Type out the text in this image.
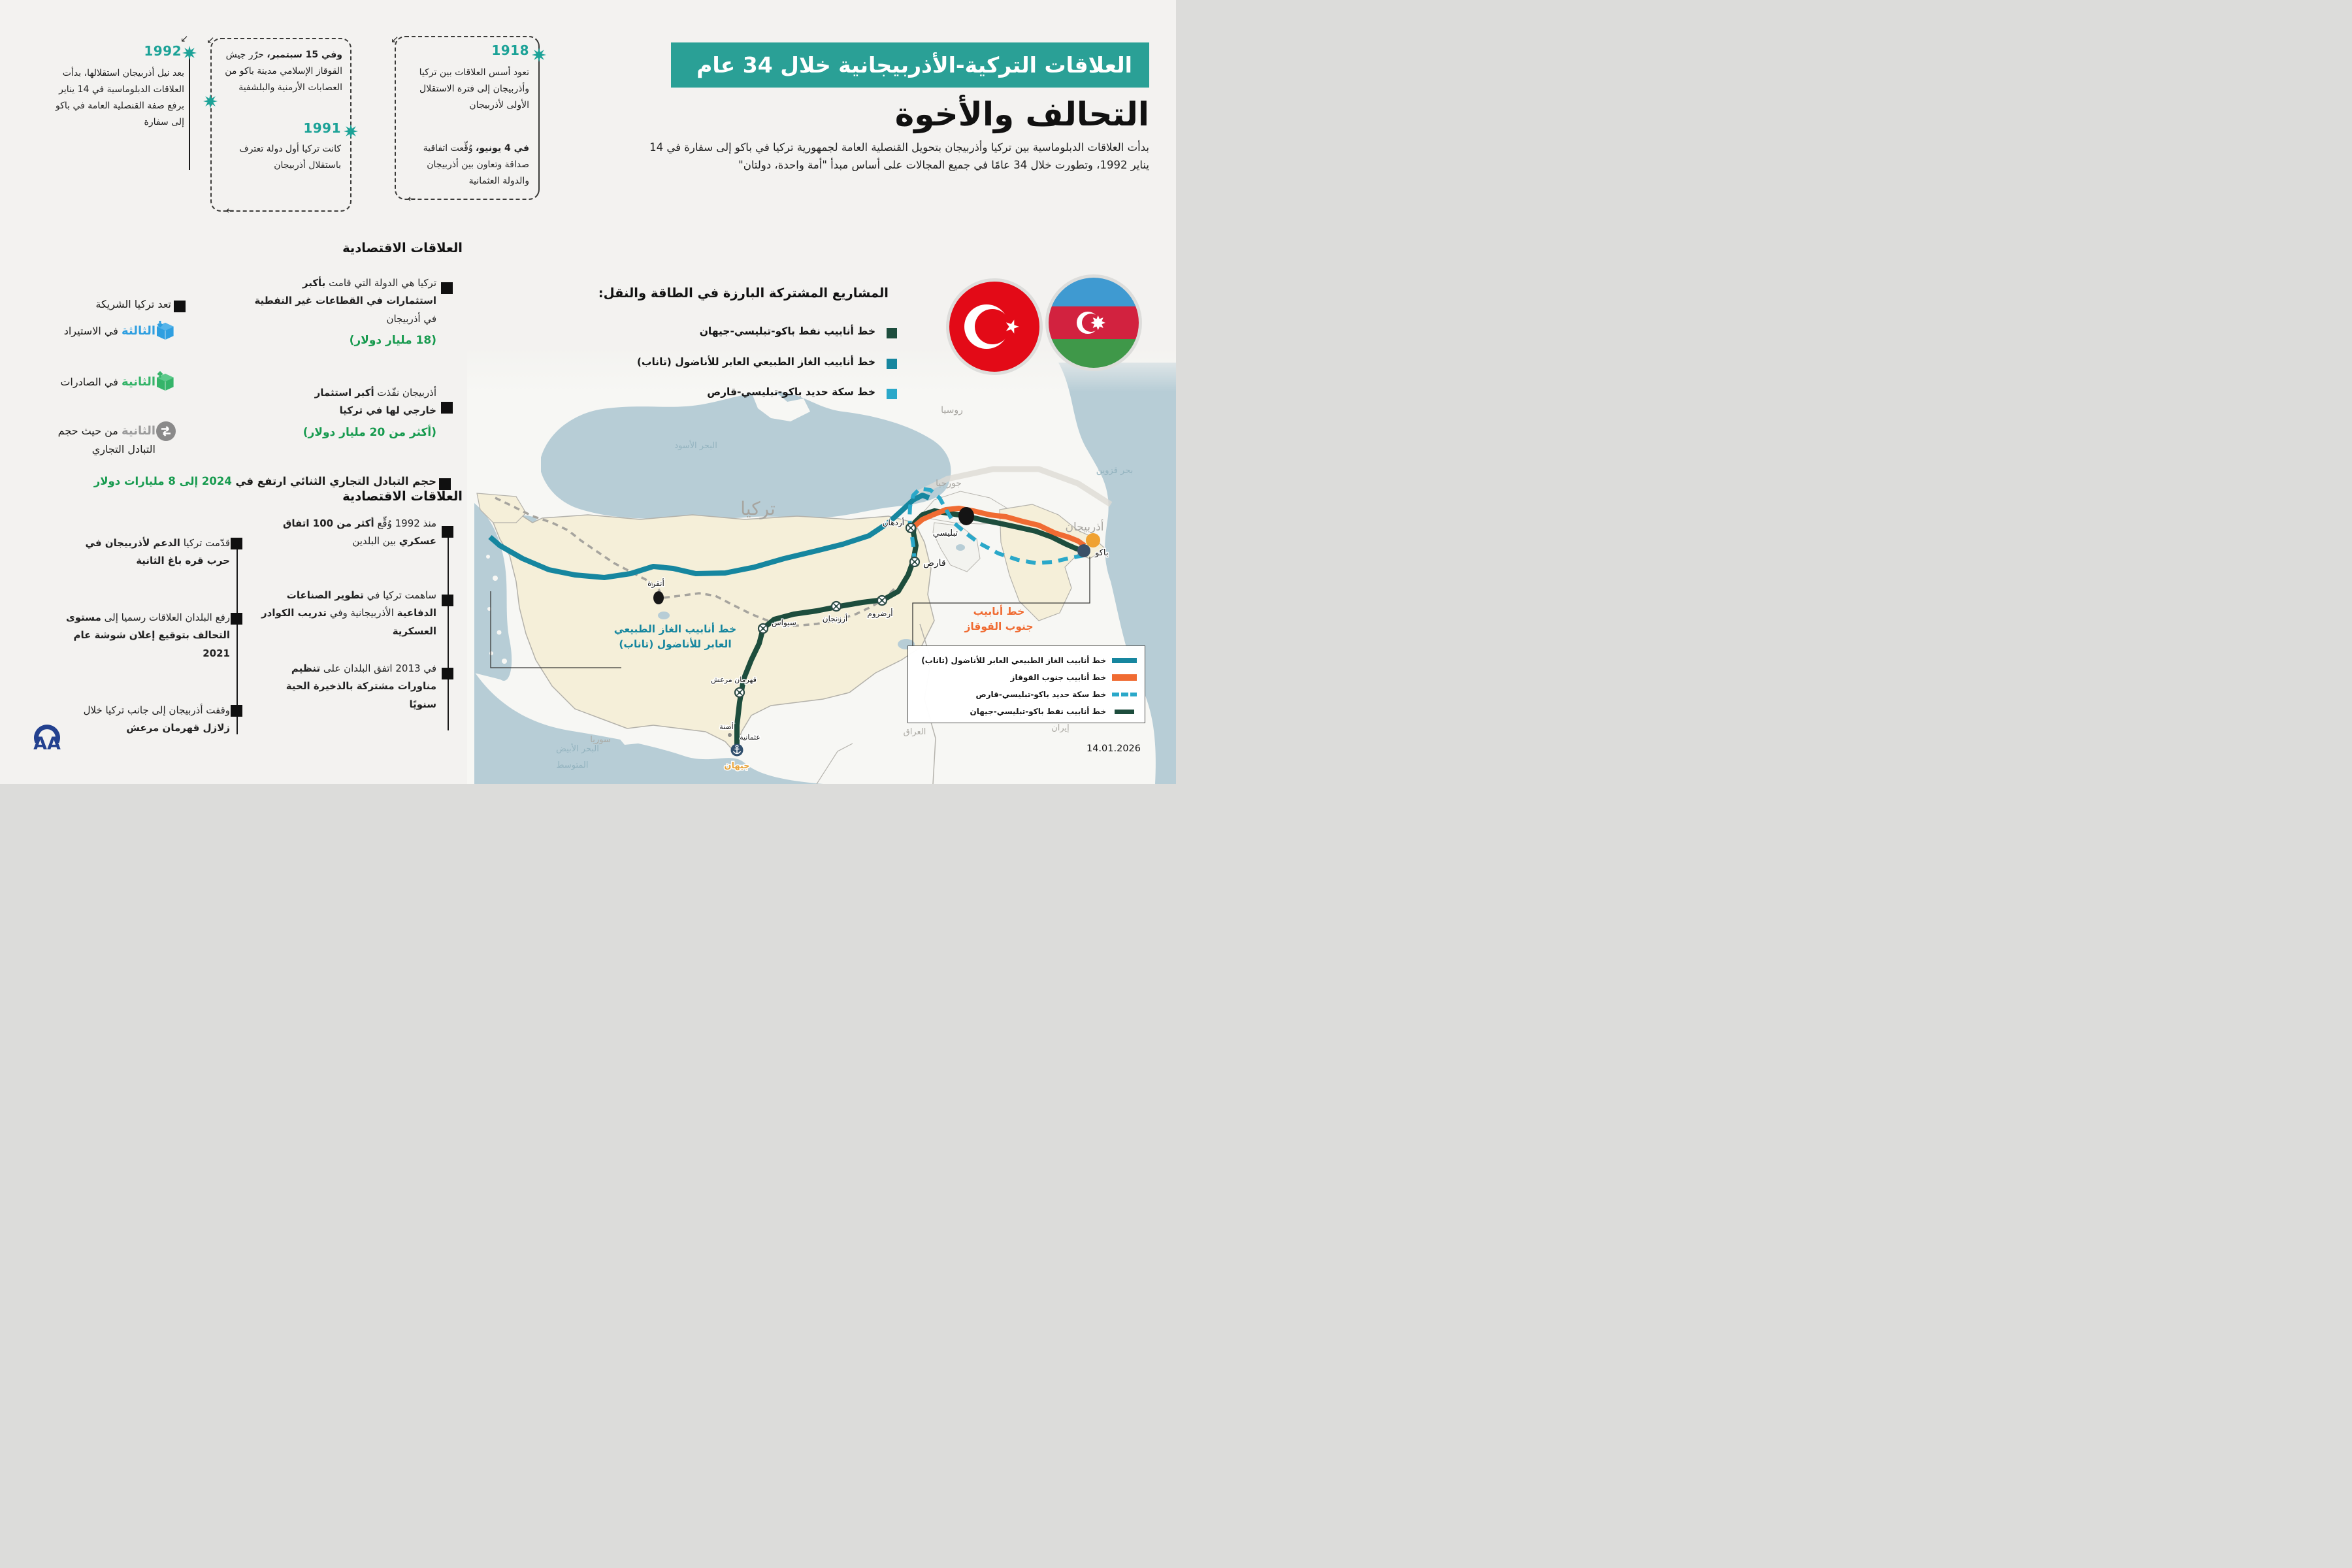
تركيا
جورجيا
أذربيجان
روسيا
سوريا
العراق	إيران
البحر الأسود
بحر قزوين
البحر الأبيض
المتوسط
أنقرة
سيواس	أرزنجان
أرضروم
قارص
أردهان
تبليسي
باكو
قهرمان مرعش
أضنة
عثمانية
جيهان
العلاقات التركية-الأذربيجانية خلال 34 عام
التحالف والأخوة
بدأت العلاقات الدبلوماسية بين تركيا وأذربيجان بتحويل القنصلية العامة لجمهورية تركيا في باكو إلى سفارة في 14 يناير 1992، وتطورت خلال 34 عامًا في جميع المجالات على أساس مبدأ "أمة واحدة، دولتان"
1918
تعود أسس العلاقات بين تركيا وأذربيجان إلى فترة الاستقلال الأولى لأذربيجان
في 4 يونيو، وُقِّعت اتفاقية صداقة وتعاون بين أذربيجان والدولة العثمانية
←
↙
وفي 15 سبتمبر، حرّر جيش القوقاز الإسلامي مدينة باكو من العصابات الأرمنية والبلشفية
1991
كانت تركيا أول دولة تعترف باستقلال أذربيجان
←
↙
1992
بعد نيل أذربيجان استقلالها، بدأت العلاقات الدبلوماسية في 14 يناير برفع صفة القنصلية العامة في باكو إلى سفارة
↙
العلاقات الاقتصادية
تركيا هي الدولة التي قامت بأكبر استثمارات في القطاعات غير النفطية في أذربيجان
(18 مليار دولار)
أذربيجان نفّذت أكبر استثمار خارجي لها في تركيا
(أكثر من 20 مليار دولار)
حجم التبادل التجاري الثنائي ارتفع في 2024 إلى 8 مليارات دولار
تعد تركيا الشريكة
الثالثة في الاستيراد
الثانية في الصادرات
الثانية من حيث حجم التبادل التجاري
العلاقات الاقتصادية
منذ 1992 وُقِّع أكثر من 100 اتفاق عسكري بين البلدين
ساهمت تركيا في تطوير الصناعات الدفاعية الأذربيجانية وفي تدريب الكوادر العسكرية
في 2013 اتفق البلدان على تنظيم مناورات مشتركة بالذخيرة الحية سنويًا
قدّمت تركيا الدعم لأذربيجان في حرب قره باغ الثانية
رفع البلدان العلاقات رسميا إلى مستوى التحالف بتوقيع إعلان شوشة عام 2021
وقفت أذربيجان إلى جانب تركيا خلال زلازل قهرمان مرعش
المشاريع المشتركة البارزة في الطاقة والنقل:
خط أنابيب نفط باكو-تبليسي-جيهان
خط أنابيب الغاز الطبيعي العابر للأناضول (تاناب)
خط سكة حديد باكو-تبليسي-قارص
خط أنابيب الغاز الطبيعي
العابر للأناضول (تاناب)
خط أنابيب
جنوب القوقاز
خط أنابيب الغاز الطبيعي العابر للأناضول (تاناب)
خط أنابيب جنوب القوقاز
خط سكة حديد باكو-تبليسي-قارص
خط أنابيب نفط باكو-تبليسي-جيهان
14.01.2026
AA
